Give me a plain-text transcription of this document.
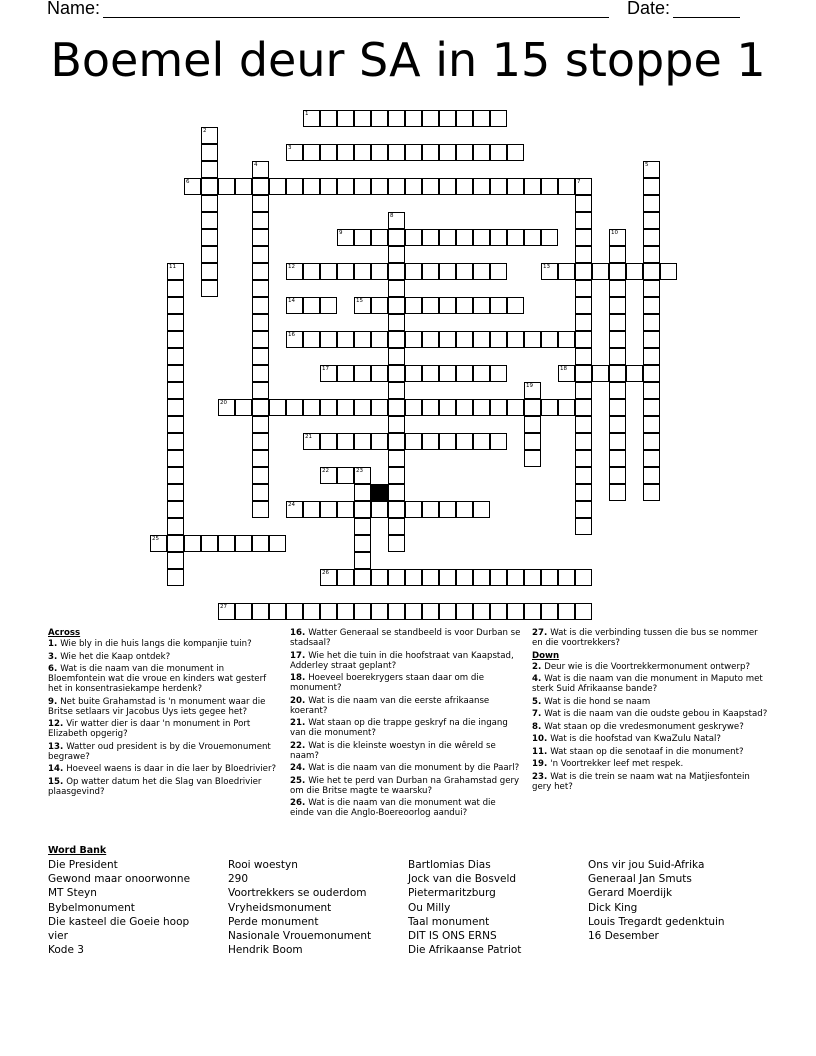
Name:	Date:
Boemel deur SA in 15 stoppe 1
1
2
3
4	5
6	7
8
9	10
11	12	13
14	15
16
17	18
19
20
21
22	23
24
25
26
27
Across
1. Wie bly in die huis langs die kompanjie tuin?
3. Wie het die Kaap ontdek?
6. Wat is die naam van die monument in Bloemfontein wat die vroue en kinders wat gesterf het in konsentrasiekampe herdenk?
9. Net buite Grahamstad is 'n monument waar die Britse setlaars vir Jacobus Uys iets gegee het?
12. Vir watter dier is daar 'n monument in Port Elizabeth opgerig?
13. Watter oud president is by die Vrouemonument begrawe?
14. Hoeveel waens is daar in die laer by Bloedrivier?
15. Op watter datum het die Slag van Bloedrivier plaasgevind?
16. Watter Generaal se standbeeld is voor Durban se stadsaal?
17. Wie het die tuin in die hoofstraat van Kaapstad, Adderley straat geplant?
18. Hoeveel boerekrygers staan daar om die monument?
20. Wat is die naam van die eerste afrikaanse koerant?
21. Wat staan op die trappe geskryf na die ingang van die monument?
22. Wat is die kleinste woestyn in die wêreld se naam?
24. Wat is die naam van die monument by die Paarl?
25. Wie het te perd van Durban na Grahamstad gery om die Britse magte te waarsku?
26. Wat is die naam van die monument wat die einde van die Anglo-Boereoorlog aandui?
27. Wat is die verbinding tussen die bus se nommer en die voortrekkers?
Down
2. Deur wie is die Voortrekkermonument ontwerp?
4. Wat is die naam van die monument in Maputo met sterk Suid Afrikaanse bande?
5. Wat is die hond se naam
7. Wat is die naam van die oudste gebou in Kaapstad?
8. Wat staan op die vredesmonument geskrywe?
10. Wat is die hoofstad van KwaZulu Natal?
11. Wat staan op die senotaaf in die monument?
19. 'n Voortrekker leef met respek.
23. Wat is die trein se naam wat na Matjiesfontein gery het?
Word Bank
Die President
Gewond maar onoorwonne
MT Steyn
Bybelmonument
Die kasteel die Goeie hoop
vier
Kode 3
Rooi woestyn
290
Voortrekkers se ouderdom
Vryheidsmonument
Perde monument
Nasionale Vrouemonument
Hendrik Boom
Bartlomias Dias
Jock van die Bosveld
Pietermaritzburg
Ou Milly
Taal monument
DIT IS ONS ERNS
Die Afrikaanse Patriot
Ons vir jou Suid-Afrika
Generaal Jan Smuts
Gerard Moerdijk
Dick King
Louis Tregardt gedenktuin
16 Desember
